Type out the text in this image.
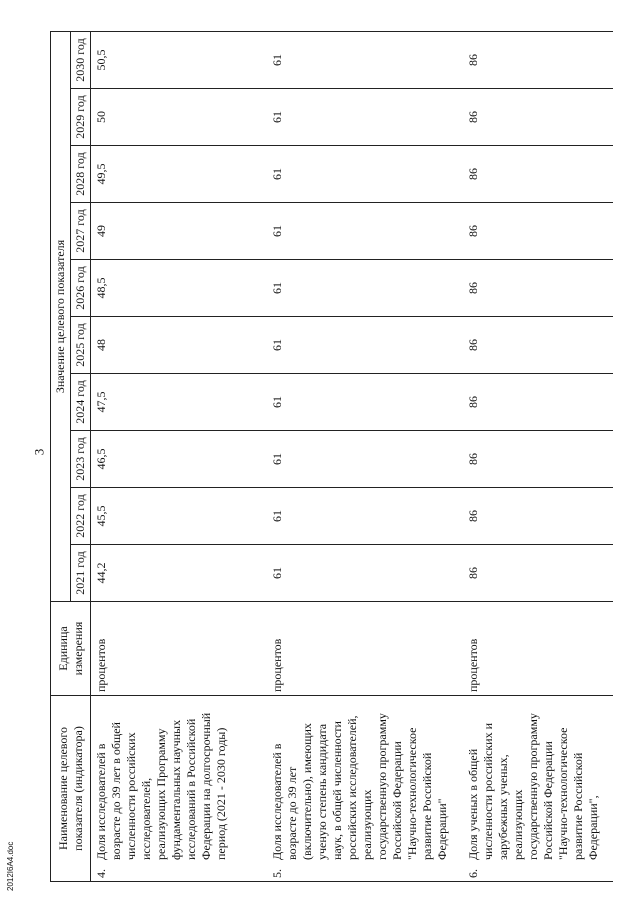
3
Наименование целевого показателя (индикатора)	Единица измерения	Значение целевого показателя									
		2021 год	2022 год	2023 год	2024 год	2025 год	2026 год	2027 год	2028 год	2029 год	2030 год
4.Доля исследователей в возрасте до 39 лет в общей численности российских исследователей, реализующих Программу фундаментальных научных исследований в Российской Федерации на долгосрочный период (2021 - 2030 годы)	процентов	44,2	45,5	46,5	47,5	48	48,5	49	49,5	50	50,5
5.Доля исследователей в возрасте до 39 лет (включительно), имеющих ученую степень кандидата наук, в общей численности российских исследователей, реализующих государственную программу Российской Федерации "Научно-технологическое развитие Российской Федерации"	процентов	61	61	61	61	61	61	61	61	61	61
6.Доля ученых в общей численности российских и зарубежных ученых, реализующих государственную программу Российской Федерации "Научно-технологическое развитие Российской Федерации",	процентов	86	86	86	86	86	86	86	86	86	86
2012I6A4.doc
